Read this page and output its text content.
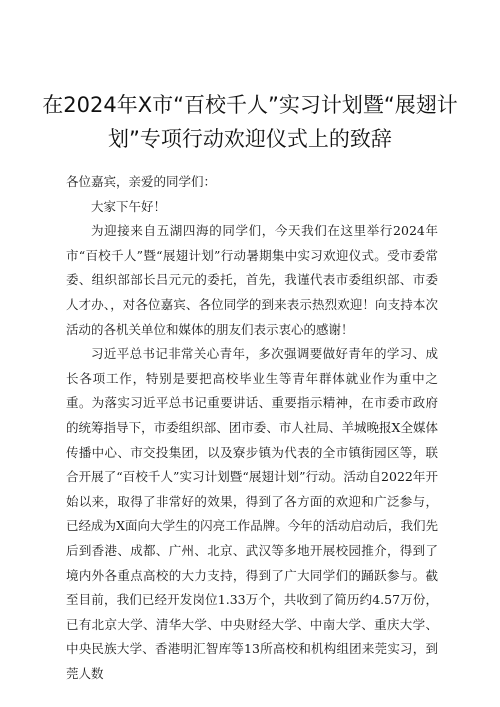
在2024年X市“百校千人”实习计划暨“展翅计划”专项行动欢迎仪式上的致辞

各位嘉宾，亲爱的同学们：

大家下午好！

为迎接来自五湖四海的同学们，今天我们在这里举行2024年市“百校千人”暨“展翅计划”行动暑期集中实习欢迎仪式。受市委常委、组织部部长吕元元的委托，首先，我谨代表市委组织部、市委人才办、，对各位嘉宾、各位同学的到来表示热烈欢迎！向支持本次活动的各机关单位和媒体的朋友们表示衷心的感谢！

习近平总书记非常关心青年，多次强调要做好青年的学习、成长各项工作，特别是要把高校毕业生等青年群体就业作为重中之重。为落实习近平总书记重要讲话、重要指示精神，在市委市政府的统筹指导下，市委组织部、团市委、市人社局、羊城晚报X全媒体传播中心、市交投集团，以及寮步镇为代表的全市镇街园区等，联合开展了“百校千人”实习计划暨“展翅计划”行动。活动自2022年开始以来，取得了非常好的效果，得到了各方面的欢迎和广泛参与，已经成为X面向大学生的闪亮工作品牌。今年的活动启动后，我们先后到香港、成都、广州、北京、武汉等多地开展校园推介，得到了境内外各重点高校的大力支持，得到了广大同学们的踊跃参与。截至目前，我们已经开发岗位1.33万个，共收到了简历约4.57万份，已有北京大学、清华大学、中央财经大学、中南大学、重庆大学、中央民族大学、香港明汇智库等13所高校和机构组团来莞实习，到莞人数
